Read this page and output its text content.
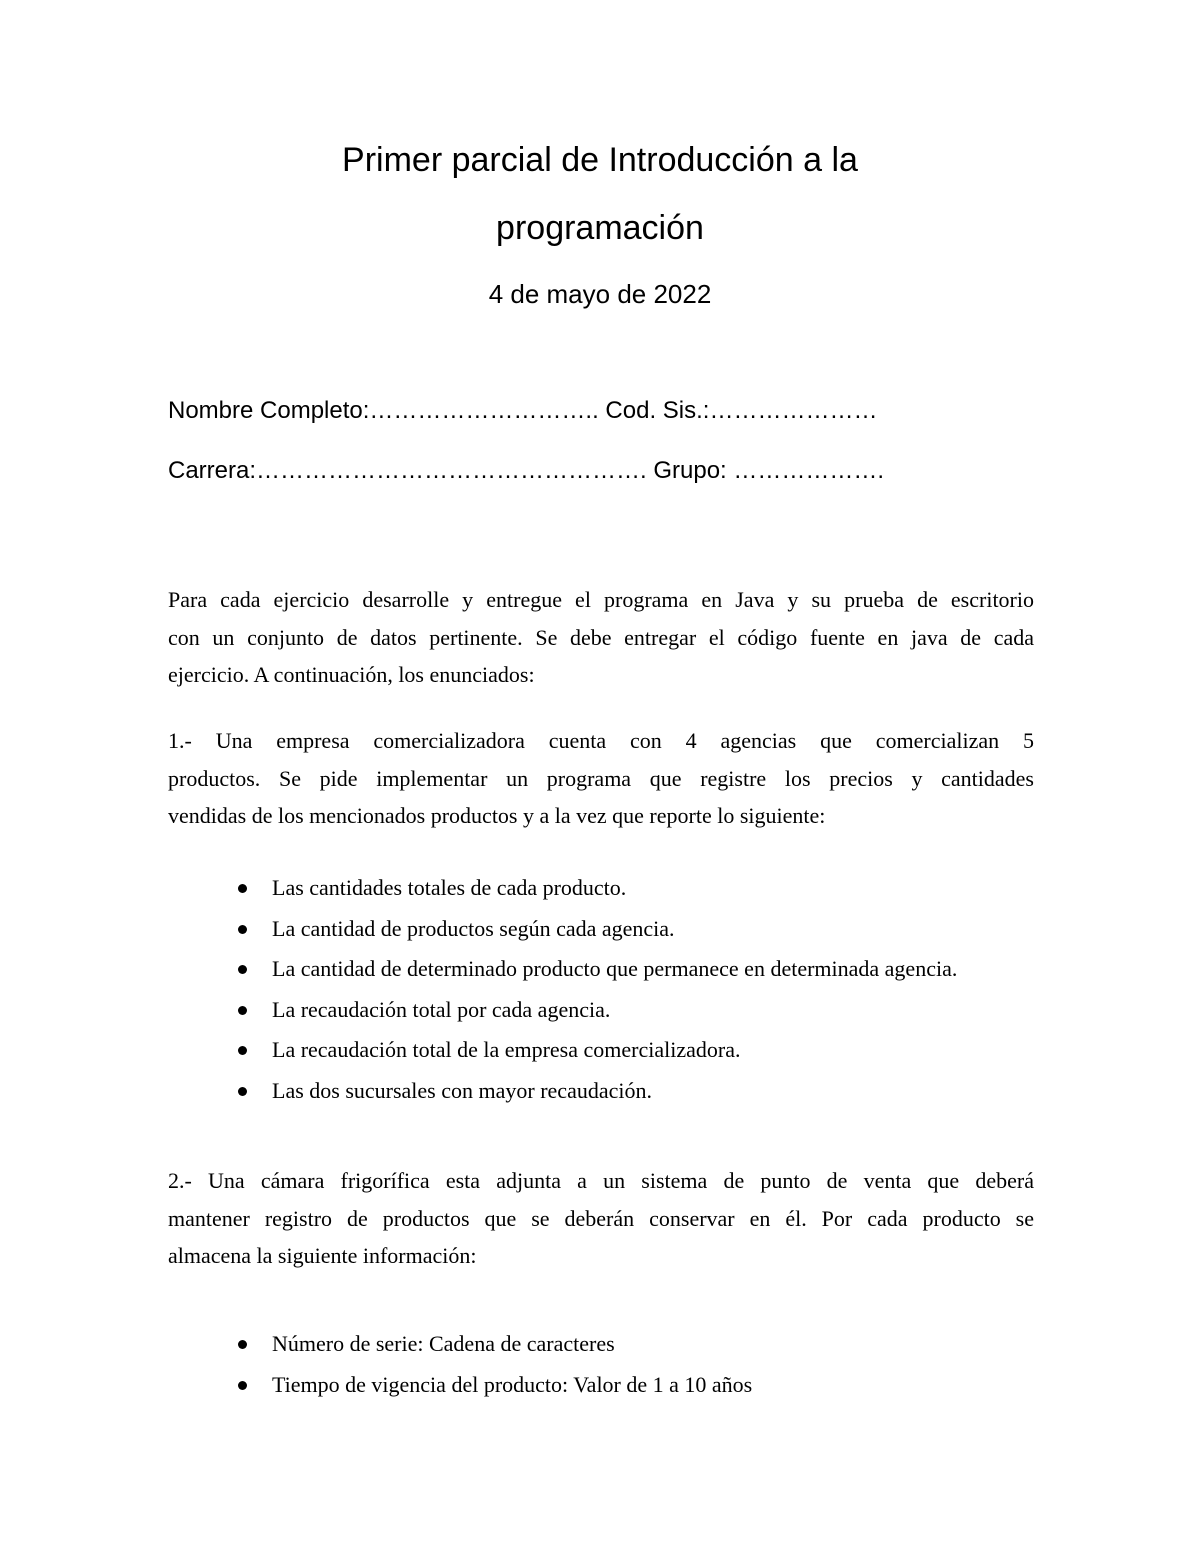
Primer parcial de Introducción a la
programación
4 de mayo de 2022
Nombre Completo:……………………….. Cod. Sis.:…………………
Carrera:…………………………………………. Grupo: ……………….
Para cada ejercicio desarrolle y entregue el programa en Java y su prueba de escritorio
con un conjunto de datos pertinente. Se debe entregar el código fuente en java de cada
ejercicio. A continuación, los enunciados:
1.- Una empresa comercializadora cuenta con 4 agencias que comercializan 5
productos. Se pide implementar un programa que registre los precios y cantidades
vendidas de los mencionados productos y a la vez que reporte lo siguiente:
Las cantidades totales de cada producto.
La cantidad de productos según cada agencia.
La cantidad de determinado producto que permanece en determinada agencia.
La recaudación total por cada agencia.
La recaudación total de la empresa comercializadora.
Las dos sucursales con mayor recaudación.
2.- Una cámara frigorífica esta adjunta a un sistema de punto de venta que deberá
mantener registro de productos que se deberán conservar en él. Por cada producto se
almacena la siguiente información:
Número de serie: Cadena de caracteres
Tiempo de vigencia del producto: Valor de 1 a 10 años
